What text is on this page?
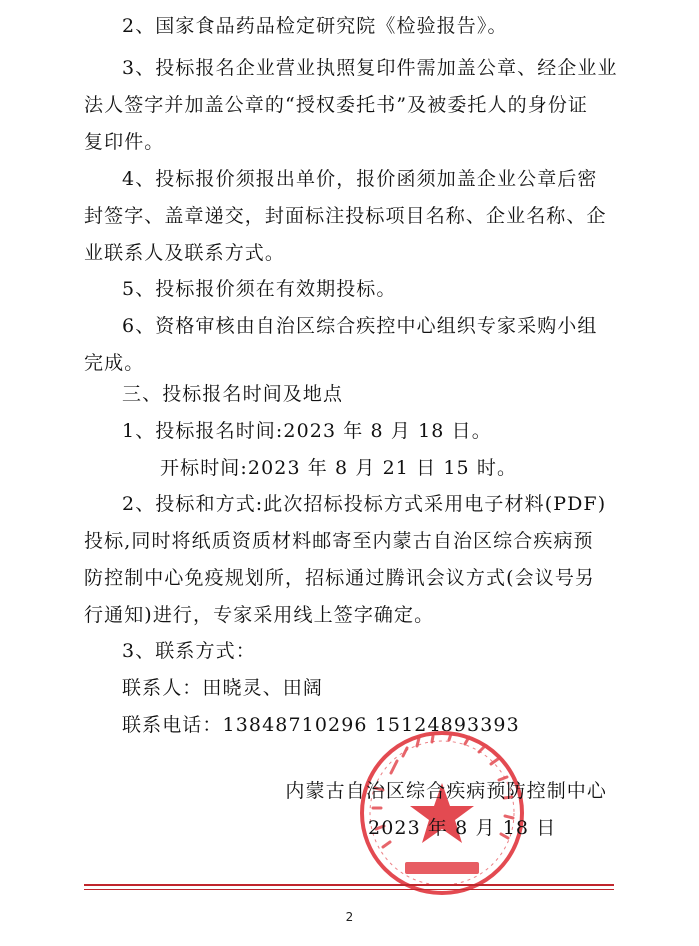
2、国家食品药品检定研究院《检验报告》。
3、投标报名企业营业执照复印件需加盖公章、经企业业
法人签字并加盖公章的“授权委托书”及被委托人的身份证
复印件。
4、投标报价须报出单价，报价函须加盖企业公章后密
封签字、盖章递交，封面标注投标项目名称、企业名称、企
业联系人及联系方式。
5、投标报价须在有效期投标。
6、资格审核由自治区综合疾控中心组织专家采购小组
完成。
三、投标报名时间及地点
1、投标报名时间:2023 年 8 月 18 日。
开标时间:2023 年 8 月 21 日 15 时。
2、投标和方式:此次招标投标方式采用电子材料(PDF)
投标,同时将纸质资质材料邮寄至内蒙古自治区综合疾病预
防控制中心免疫规划所，招标通过腾讯会议方式(会议号另
行通知)进行，专家采用线上签字确定。
3、联系方式：
联系人：田晓灵、田阔
联系电话：13848710296 15124893393
内蒙古自治区综合疾病预防控制中心
2023 年 8 月 18 日
2
